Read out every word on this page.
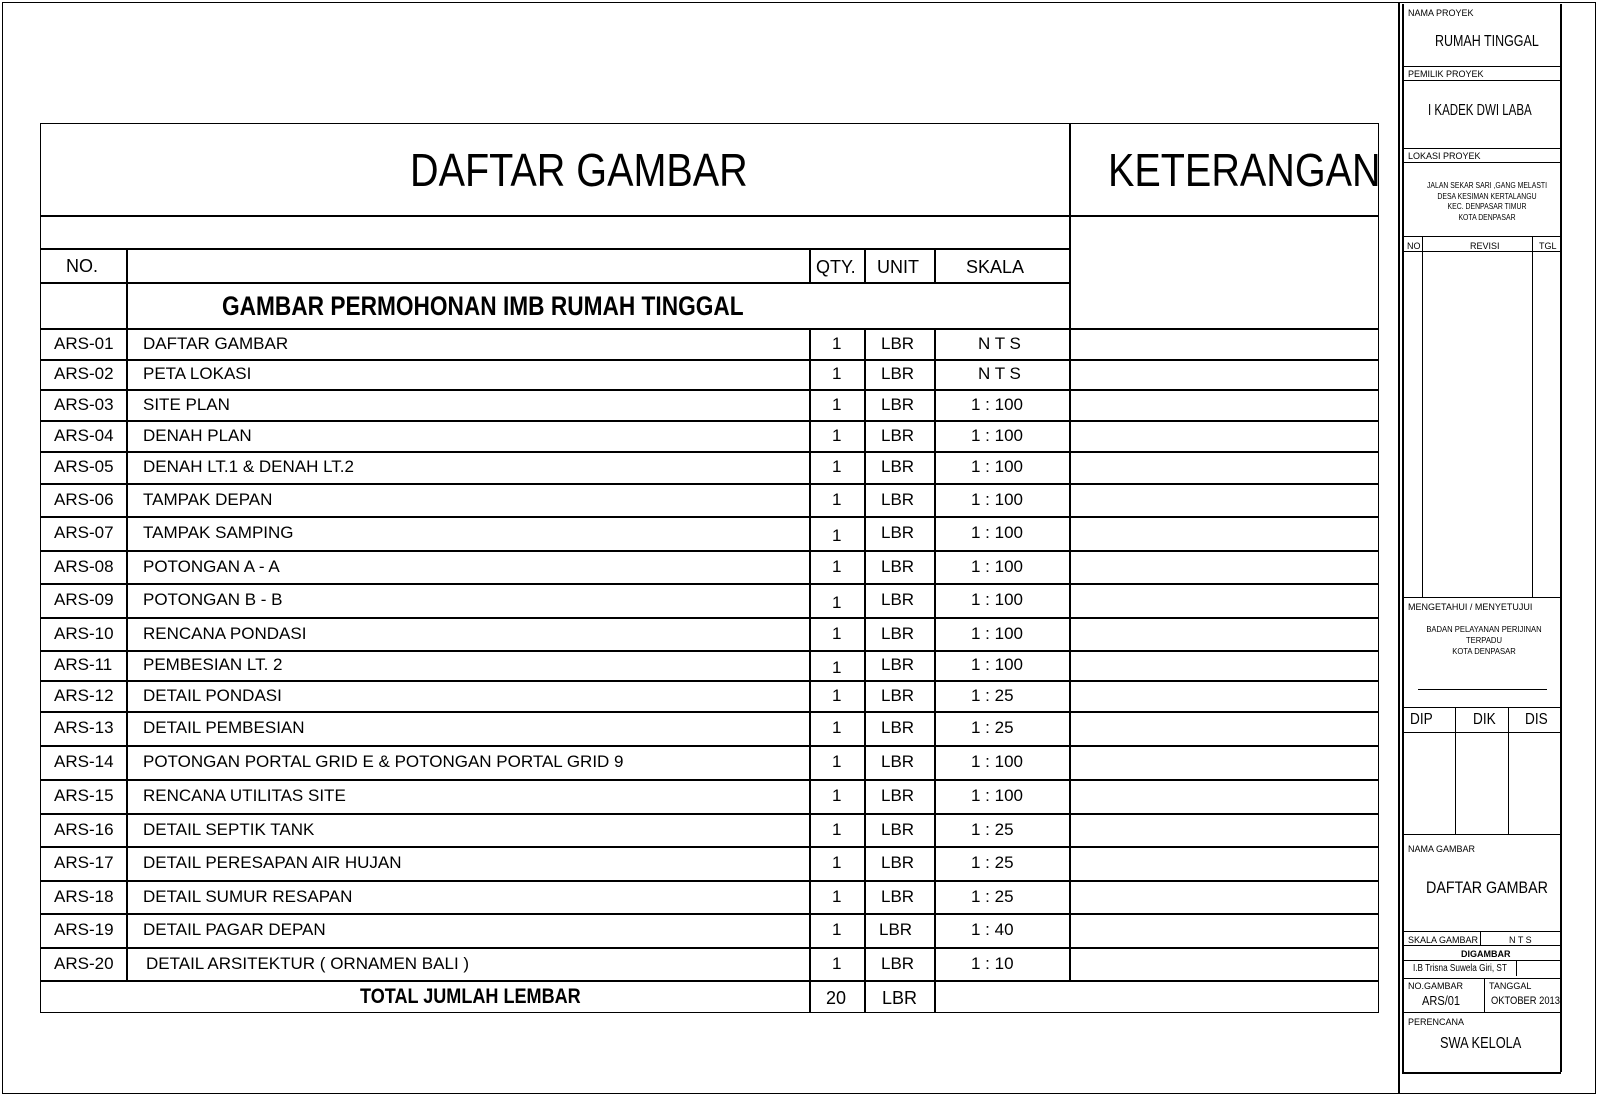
DAFTAR GAMBAR	KETERANGAN
NO.	QTY. UNIT	SKALA
GAMBAR PERMOHONAN IMB RUMAH TINGGAL
TOTAL JUMLAH LEMBAR	20 LBR
ARS-01 DAFTAR GAMBAR	1 LBR	N T S
ARS-02 PETA LOKASI	1 LBR	N T S
ARS-03 SITE PLAN	1 LBR	1 : 100
ARS-04 DENAH PLAN	1 LBR	1 : 100
ARS-05 DENAH LT.1 & DENAH LT.2	1 LBR	1 : 100
ARS-06 TAMPAK DEPAN	1 LBR	1 : 100
ARS-07 TAMPAK SAMPING	1 LBR	1 : 100
ARS-08 POTONGAN A - A	1 LBR	1 : 100
ARS-09 POTONGAN B - B	1 LBR	1 : 100
ARS-10 RENCANA PONDASI	1 LBR	1 : 100
ARS-11 PEMBESIAN LT. 2	1 LBR	1 : 100
ARS-12 DETAIL PONDASI	1 LBR	1 : 25
ARS-13 DETAIL PEMBESIAN	1 LBR	1 : 25
ARS-14 POTONGAN PORTAL GRID E & POTONGAN PORTAL GRID 9	1 LBR	1 : 100
ARS-15 RENCANA UTILITAS SITE	1 LBR	1 : 100
ARS-16 DETAIL SEPTIK TANK	1 LBR	1 : 25
ARS-17 DETAIL PERESAPAN AIR HUJAN	1 LBR	1 : 25
ARS-18 DETAIL SUMUR RESAPAN	1 LBR	1 : 25
ARS-19 DETAIL PAGAR DEPAN	1 LBR	1 : 40
ARS-20 DETAIL ARSITEKTUR ( ORNAMEN BALI )	1 LBR	1 : 10
NAMA PROYEK
RUMAH TINGGAL
PEMILIK PROYEK
I KADEK DWI LABA
LOKASI PROYEK
JALAN SEKAR SARI ,GANG MELASTI
DESA KESIMAN KERTALANGU
KEC. DENPASAR TIMUR
KOTA DENPASAR
NO	REVISI	TGL
MENGETAHUI / MENYETUJUI
BADAN PELAYANAN PERIJINAN TERPADU
KOTA DENPASAR
DIP	DIK DIS
NAMA GAMBAR
DAFTAR GAMBAR
SKALA GAMBAR	N T S
DIGAMBAR
I.B Trisna Suwela Giri, ST
NO.GAMBAR
ARS/01
TANGGAL
OKTOBER 2013
PERENCANA
SWA KELOLA
